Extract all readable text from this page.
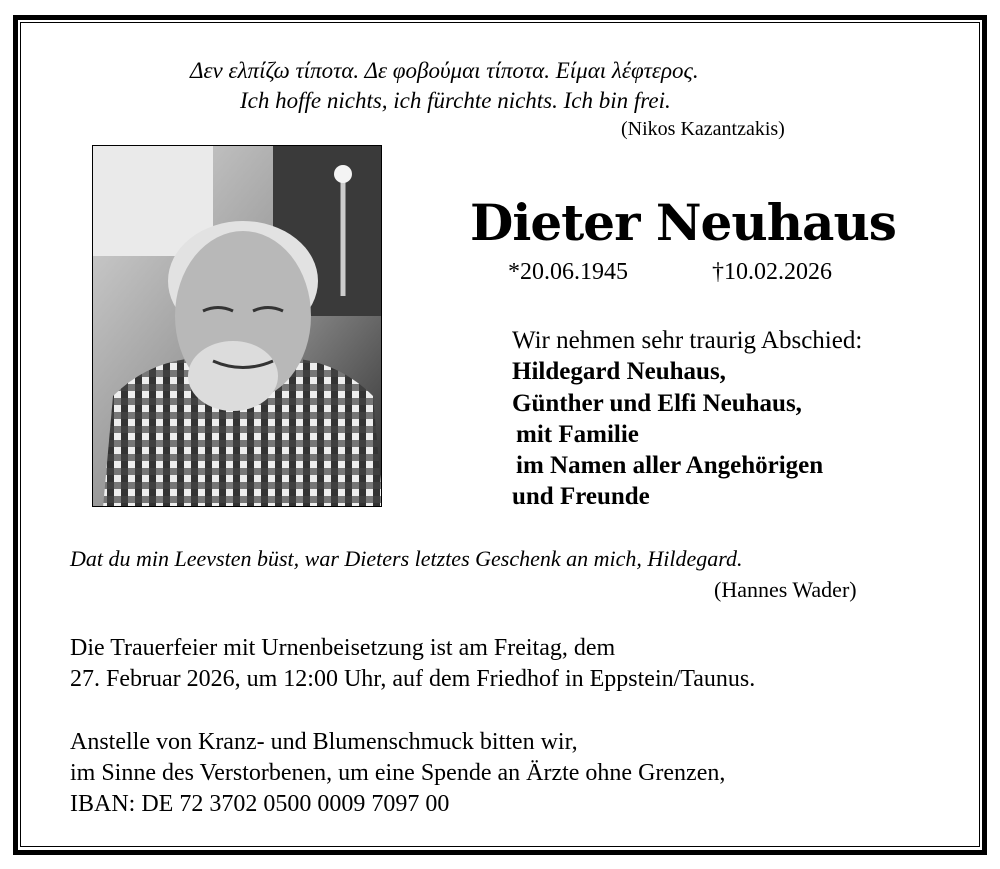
Δεν ελπίζω τίποτα. Δε φοβούμαι τίποτα. Είμαι λέφτερος.
Ich hoffe nichts, ich fürchte nichts. Ich bin frei.
(Nikos Kazantzakis)
Dieter Neuhaus
*20.06.1945	†10.02.2026
Wir nehmen sehr traurig Abschied:
Hildegard Neuhaus,
Günther und Elfi Neuhaus,
mit Familie
im Namen aller Angehörigen
und Freunde
Dat du min Leevsten büst, war Dieters letztes Geschenk an mich, Hildegard.
(Hannes Wader)
Die Trauerfeier mit Urnenbeisetzung ist am Freitag, dem
27. Februar 2026, um 12:00 Uhr, auf dem Friedhof in Eppstein/Taunus.
Anstelle von Kranz- und Blumenschmuck bitten wir,
im Sinne des Verstorbenen, um eine Spende an Ärzte ohne Grenzen,
IBAN: DE 72 3702 0500 0009 7097 00
